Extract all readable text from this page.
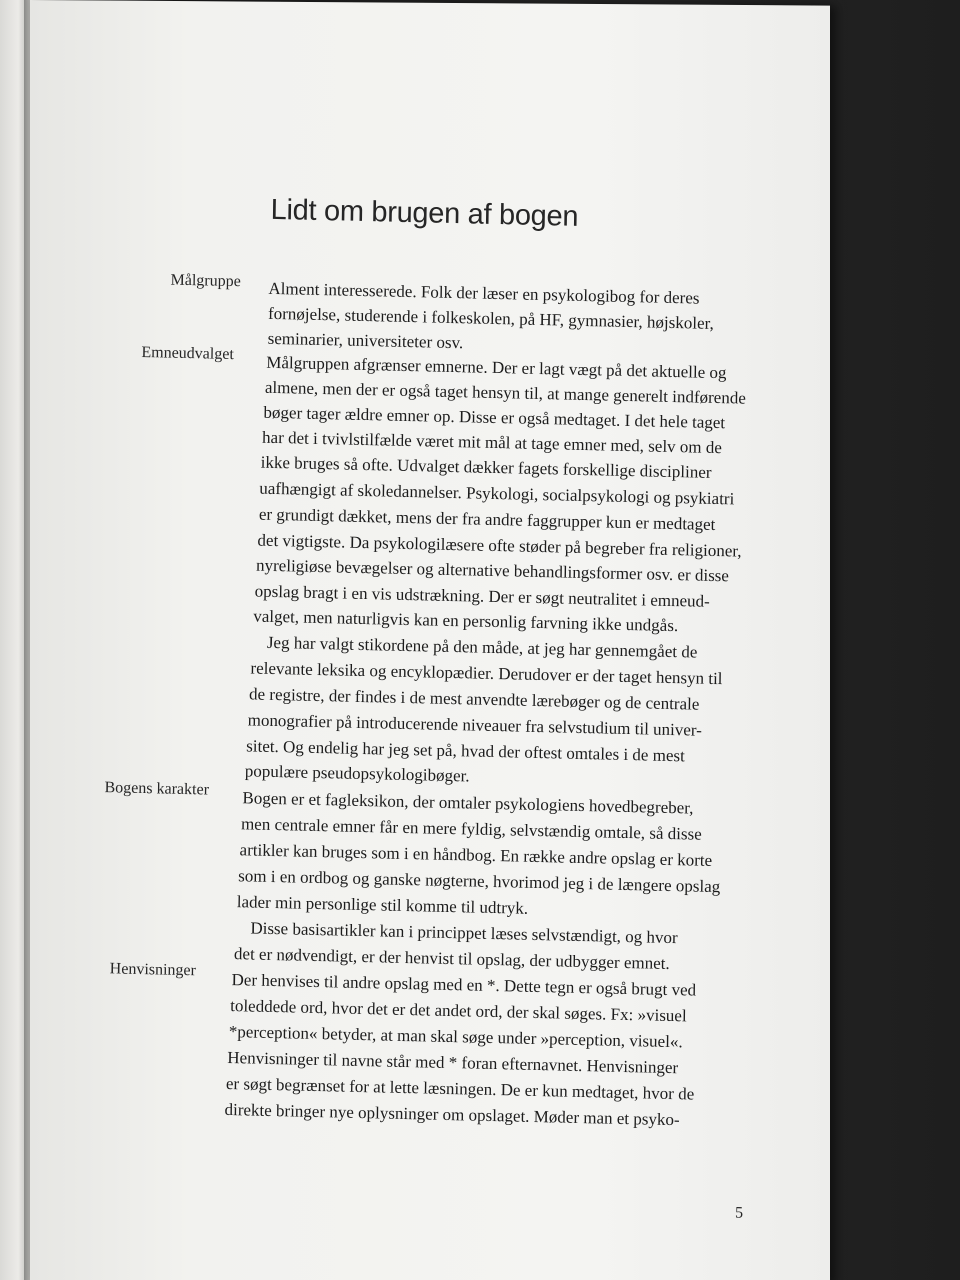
Lidt om brugen af bogen
Målgruppe Alment interesserede. Folk der læser en psykologibog for deres
fornøjelse, studerende i folkeskolen, på HF, gymnasier, højskoler,
seminarier, universiteter osv.
Emneudvalget Målgruppen afgrænser emnerne. Der er lagt vægt på det aktuelle og
almene, men der er også taget hensyn til, at mange generelt indførende
bøger tager ældre emner op. Disse er også medtaget. I det hele taget
har det i tvivlstilfælde været mit mål at tage emner med, selv om de
ikke bruges så ofte. Udvalget dækker fagets forskellige discipliner
uafhængigt af skoledannelser. Psykologi, socialpsykologi og psykiatri
er grundigt dækket, mens der fra andre faggrupper kun er medtaget
det vigtigste. Da psykologilæsere ofte støder på begreber fra religioner,
nyreligiøse bevægelser og alternative behandlingsformer osv. er disse
opslag bragt i en vis udstrækning. Der er søgt neutralitet i emneud-
valget, men naturligvis kan en personlig farvning ikke undgås.
Jeg har valgt stikordene på den måde, at jeg har gennemgået de
relevante leksika og encyklopædier. Derudover er der taget hensyn til
de registre, der findes i de mest anvendte lærebøger og de centrale
monografier på introducerende niveauer fra selvstudium til univer-
sitet. Og endelig har jeg set på, hvad der oftest omtales i de mest
populære pseudopsykologibøger.
Bogens karakter Bogen er et fagleksikon, der omtaler psykologiens hovedbegreber,
men centrale emner får en mere fyldig, selvstændig omtale, så disse
artikler kan bruges som i en håndbog. En række andre opslag er korte
som i en ordbog og ganske nøgterne, hvorimod jeg i de længere opslag
lader min personlige stil komme til udtryk.
Disse basisartikler kan i princippet læses selvstændigt, og hvor
det er nødvendigt, er der henvist til opslag, der udbygger emnet.
Henvisninger
Der henvises til andre opslag med en *. Dette tegn er også brugt ved
toleddede ord, hvor det er det andet ord, der skal søges. Fx: »visuel
*perception« betyder, at man skal søge under »perception, visuel«.
Henvisninger til navne står med * foran efternavnet. Henvisninger
er søgt begrænset for at lette læsningen. De er kun medtaget, hvor de
direkte bringer nye oplysninger om opslaget. Møder man et psyko-
5
